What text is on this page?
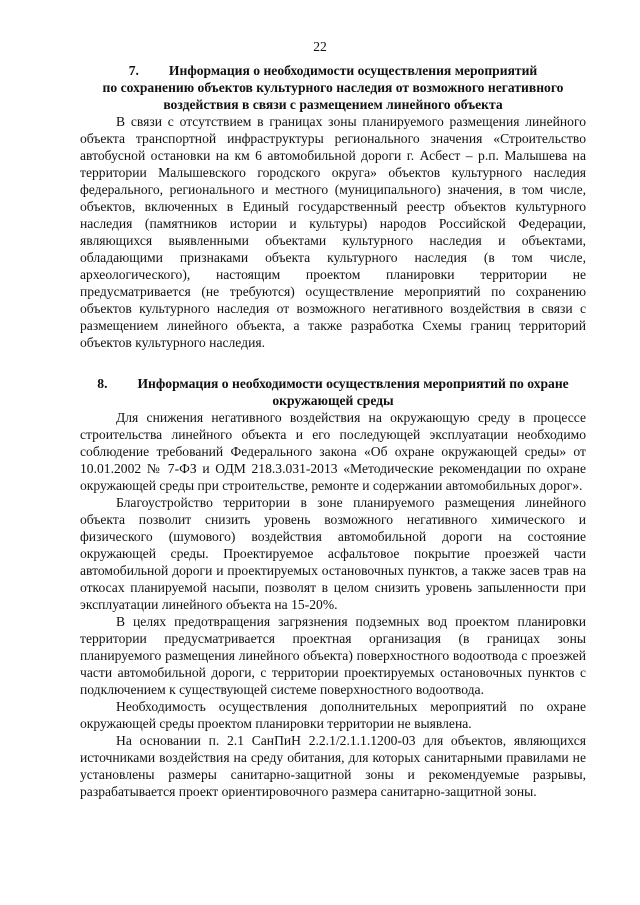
22
7. Информация о необходимости осуществления мероприятий
по сохранению объектов культурного наследия от возможного негативного
воздействия в связи с размещением линейного объекта

В связи с отсутствием в границах зоны планируемого размещения линейного объекта транспортной инфраструктуры регионального значения «Строительство автобусной остановки на км 6 автомобильной дороги г. Асбест – р.п. Малышева на территории Малышевского городского округа» объектов культурного наследия федерального, регионального и местного (муниципального) значения, в том числе, объектов, включенных в Единый государственный реестр объектов культурного наследия (памятников истории и культуры) народов Российской Федерации, являющихся выявленными объектами культурного наследия и объектами, обладающими признаками объекта культурного наследия (в том числе, археологического), настоящим проектом планировки территории не предусматривается (не требуются) осуществление мероприятий по сохранению объектов культурного наследия от возможного негативного воздействия в связи с размещением линейного объекта, а также разработка Схемы границ территорий объектов культурного наследия.

8. Информация о необходимости осуществления мероприятий по охране
окружающей среды

Для снижения негативного воздействия на окружающую среду в процессе строительства линейного объекта и его последующей эксплуатации необходимо соблюдение требований Федерального закона «Об охране окружающей среды» от 10.01.2002 № 7-ФЗ и ОДМ 218.3.031-2013 «Методические рекомендации по охране окружающей среды при строительстве, ремонте и содержании автомобильных дорог».

Благоустройство территории в зоне планируемого размещения линейного объекта позволит снизить уровень возможного негативного химического и физического (шумового) воздействия автомобильной дороги на состояние окружающей среды. Проектируемое асфальтовое покрытие проезжей части автомобильной дороги и проектируемых остановочных пунктов, а также засев трав на откосах планируемой насыпи, позволят в целом снизить уровень запыленности при эксплуатации линейного объекта на 15-20%.

В целях предотвращения загрязнения подземных вод проектом планировки территории предусматривается проектная организация (в границах зоны планируемого размещения линейного объекта) поверхностного водоотвода с проезжей части автомобильной дороги, с территории проектируемых остановочных пунктов с подключением к существующей системе поверхностного водоотвода.

Необходимость осуществления дополнительных мероприятий по охране окружающей среды проектом планировки территории не выявлена.

На основании п. 2.1 СанПиН 2.2.1/2.1.1.1200-03 для объектов, являющихся источниками воздействия на среду обитания, для которых санитарными правилами не установлены размеры санитарно-защитной зоны и рекомендуемые разрывы, разрабатывается проект ориентировочного размера санитарно-защитной зоны.
